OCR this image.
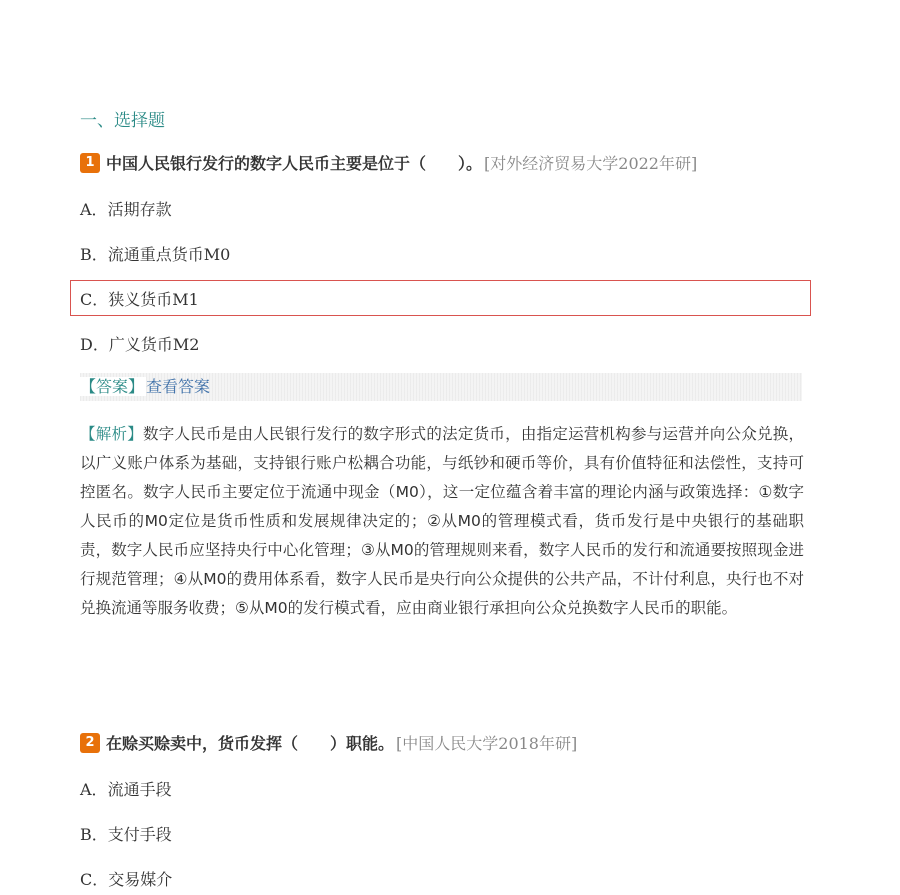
一、选择题
1 中国人民银行发行的数字人民币主要是位于（　　）。 [对外经济贸易大学2022年研]
A．活期存款
B．流通重点货币M0
C．狭义货币M1
D．广义货币M2
【答案】 查看答案
【解析】数字人民币是由人民银行发行的数字形式的法定货币，由指定运营机构参与运营并向公众兑换，以广义账户体系为基础，支持银行账户松耦合功能，与纸钞和硬币等价，具有价值特征和法偿性，支持可控匿名。数字人民币主要定位于流通中现金（M0），这一定位蕴含着丰富的理论内涵与政策选择：①数字人民币的M0定位是货币性质和发展规律决定的；②从M0的管理模式看，货币发行是中央银行的基础职责，数字人民币应坚持央行中心化管理；③从M0的管理规则来看，数字人民币的发行和流通要按照现金进行规范管理；④从M0的费用体系看，数字人民币是央行向公众提供的公共产品，不计付利息，央行也不对兑换流通等服务收费；⑤从M0的发行模式看，应由商业银行承担向公众兑换数字人民币的职能。
2 在赊买赊卖中，货币发挥（　　）职能。 [中国人民大学2018年研]
A．流通手段
B．支付手段
C．交易媒介
